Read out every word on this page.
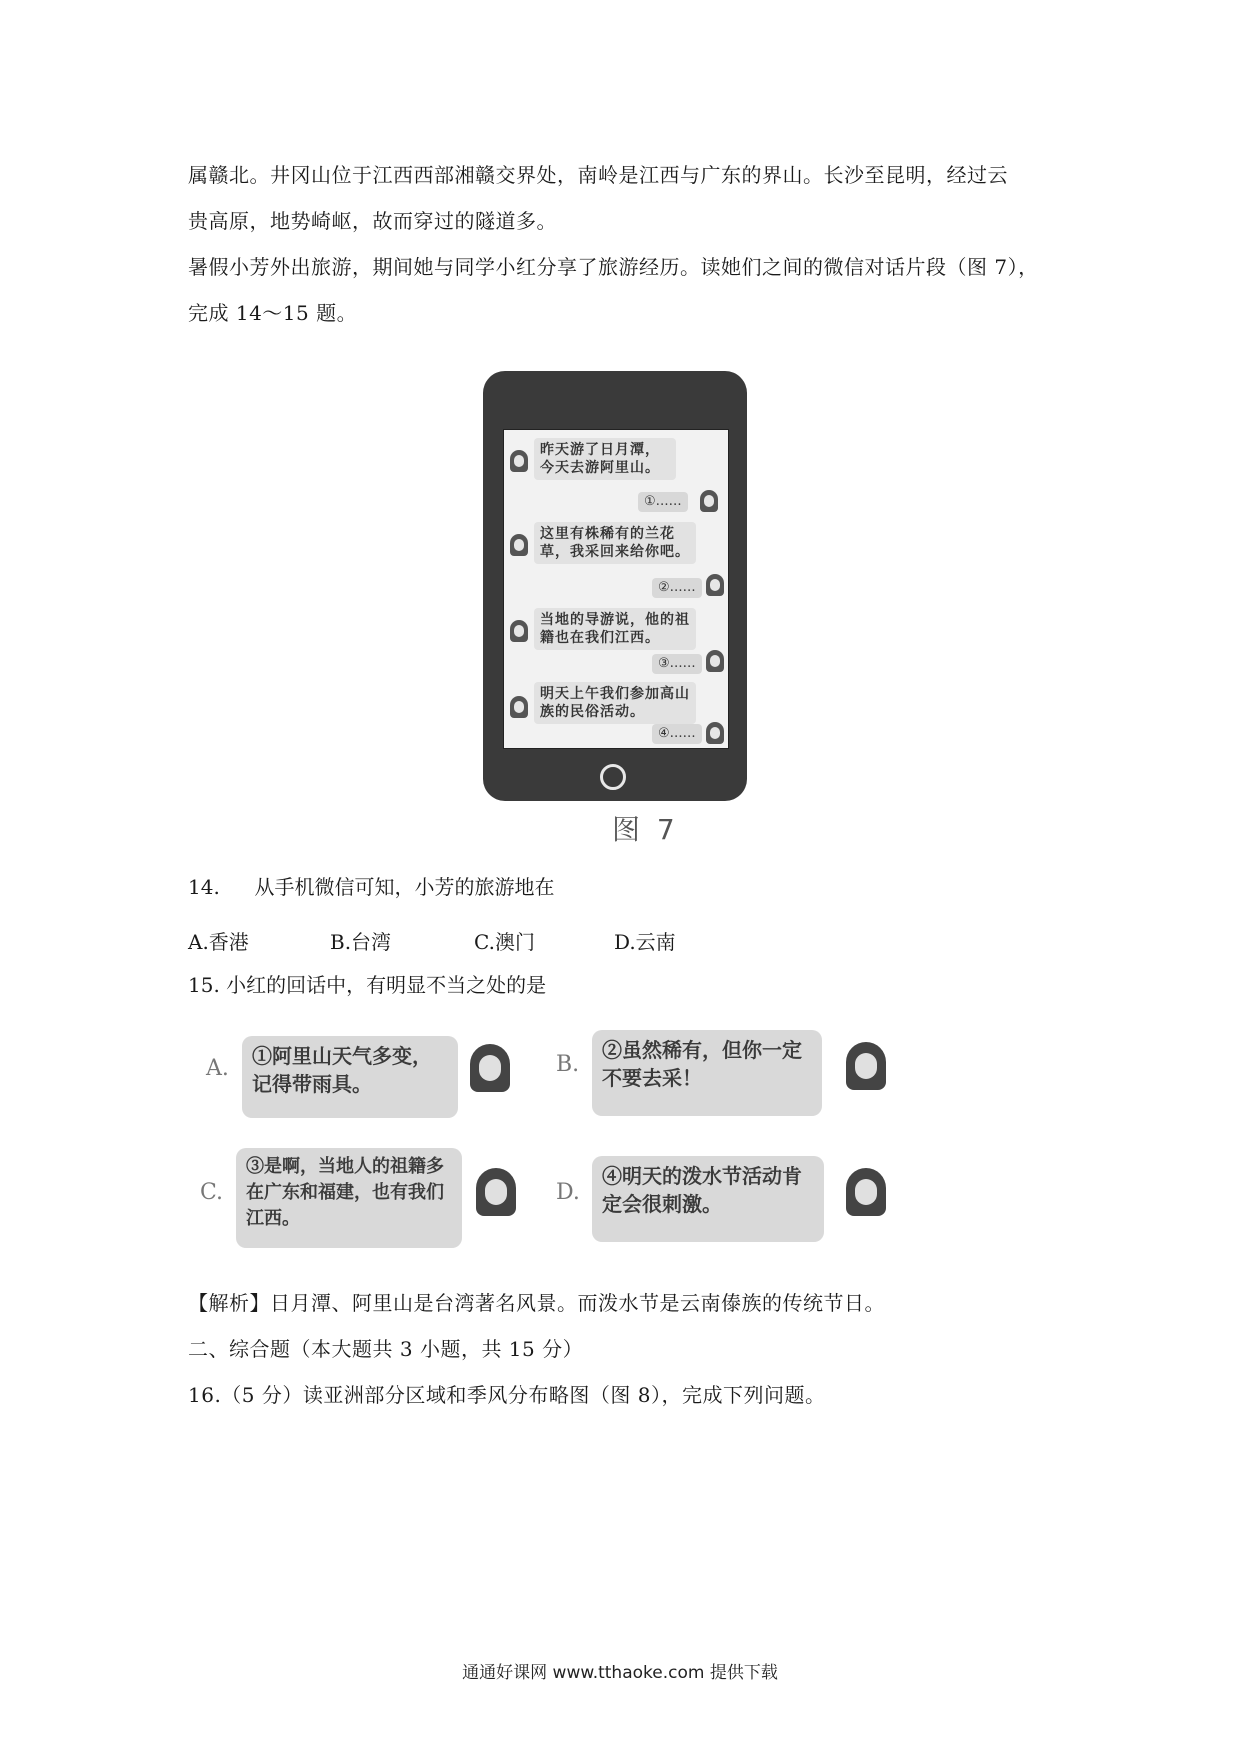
属赣北。井冈山位于江西西部湘赣交界处，南岭是江西与广东的界山。长沙至昆明，经过云
贵高原，地势崎岖，故而穿过的隧道多。
暑假小芳外出旅游，期间她与同学小红分享了旅游经历。读她们之间的微信对话片段（图 7），
完成 14～15 题。
昨天游了日月潭，今天去游阿里山。
①……
这里有株稀有的兰花草，我采回来给你吧。
②……
当地的导游说，他的祖籍也在我们江西。
③……
明天上午我们参加高山族的民俗活动。
④……
图 7
14. 从手机微信可知，小芳的旅游地在
A.香港	B.台湾	C.澳门	D.云南
15. 小红的回话中，有明显不当之处的是
A.	①阿里山天气多变，记得带雨具。
B.
②虽然稀有，但你一定不要去采！
C.
③是啊，当地人的祖籍多在广东和福建，也有我们江西。
D.
④明天的泼水节活动肯定会很刺激。
【解析】日月潭、阿里山是台湾著名风景。而泼水节是云南傣族的传统节日。
二、综合题（本大题共 3 小题，共 15 分）
16.（5 分）读亚洲部分区域和季风分布略图（图 8），完成下列问题。
通通好课网 www.tthaoke.com 提供下载
